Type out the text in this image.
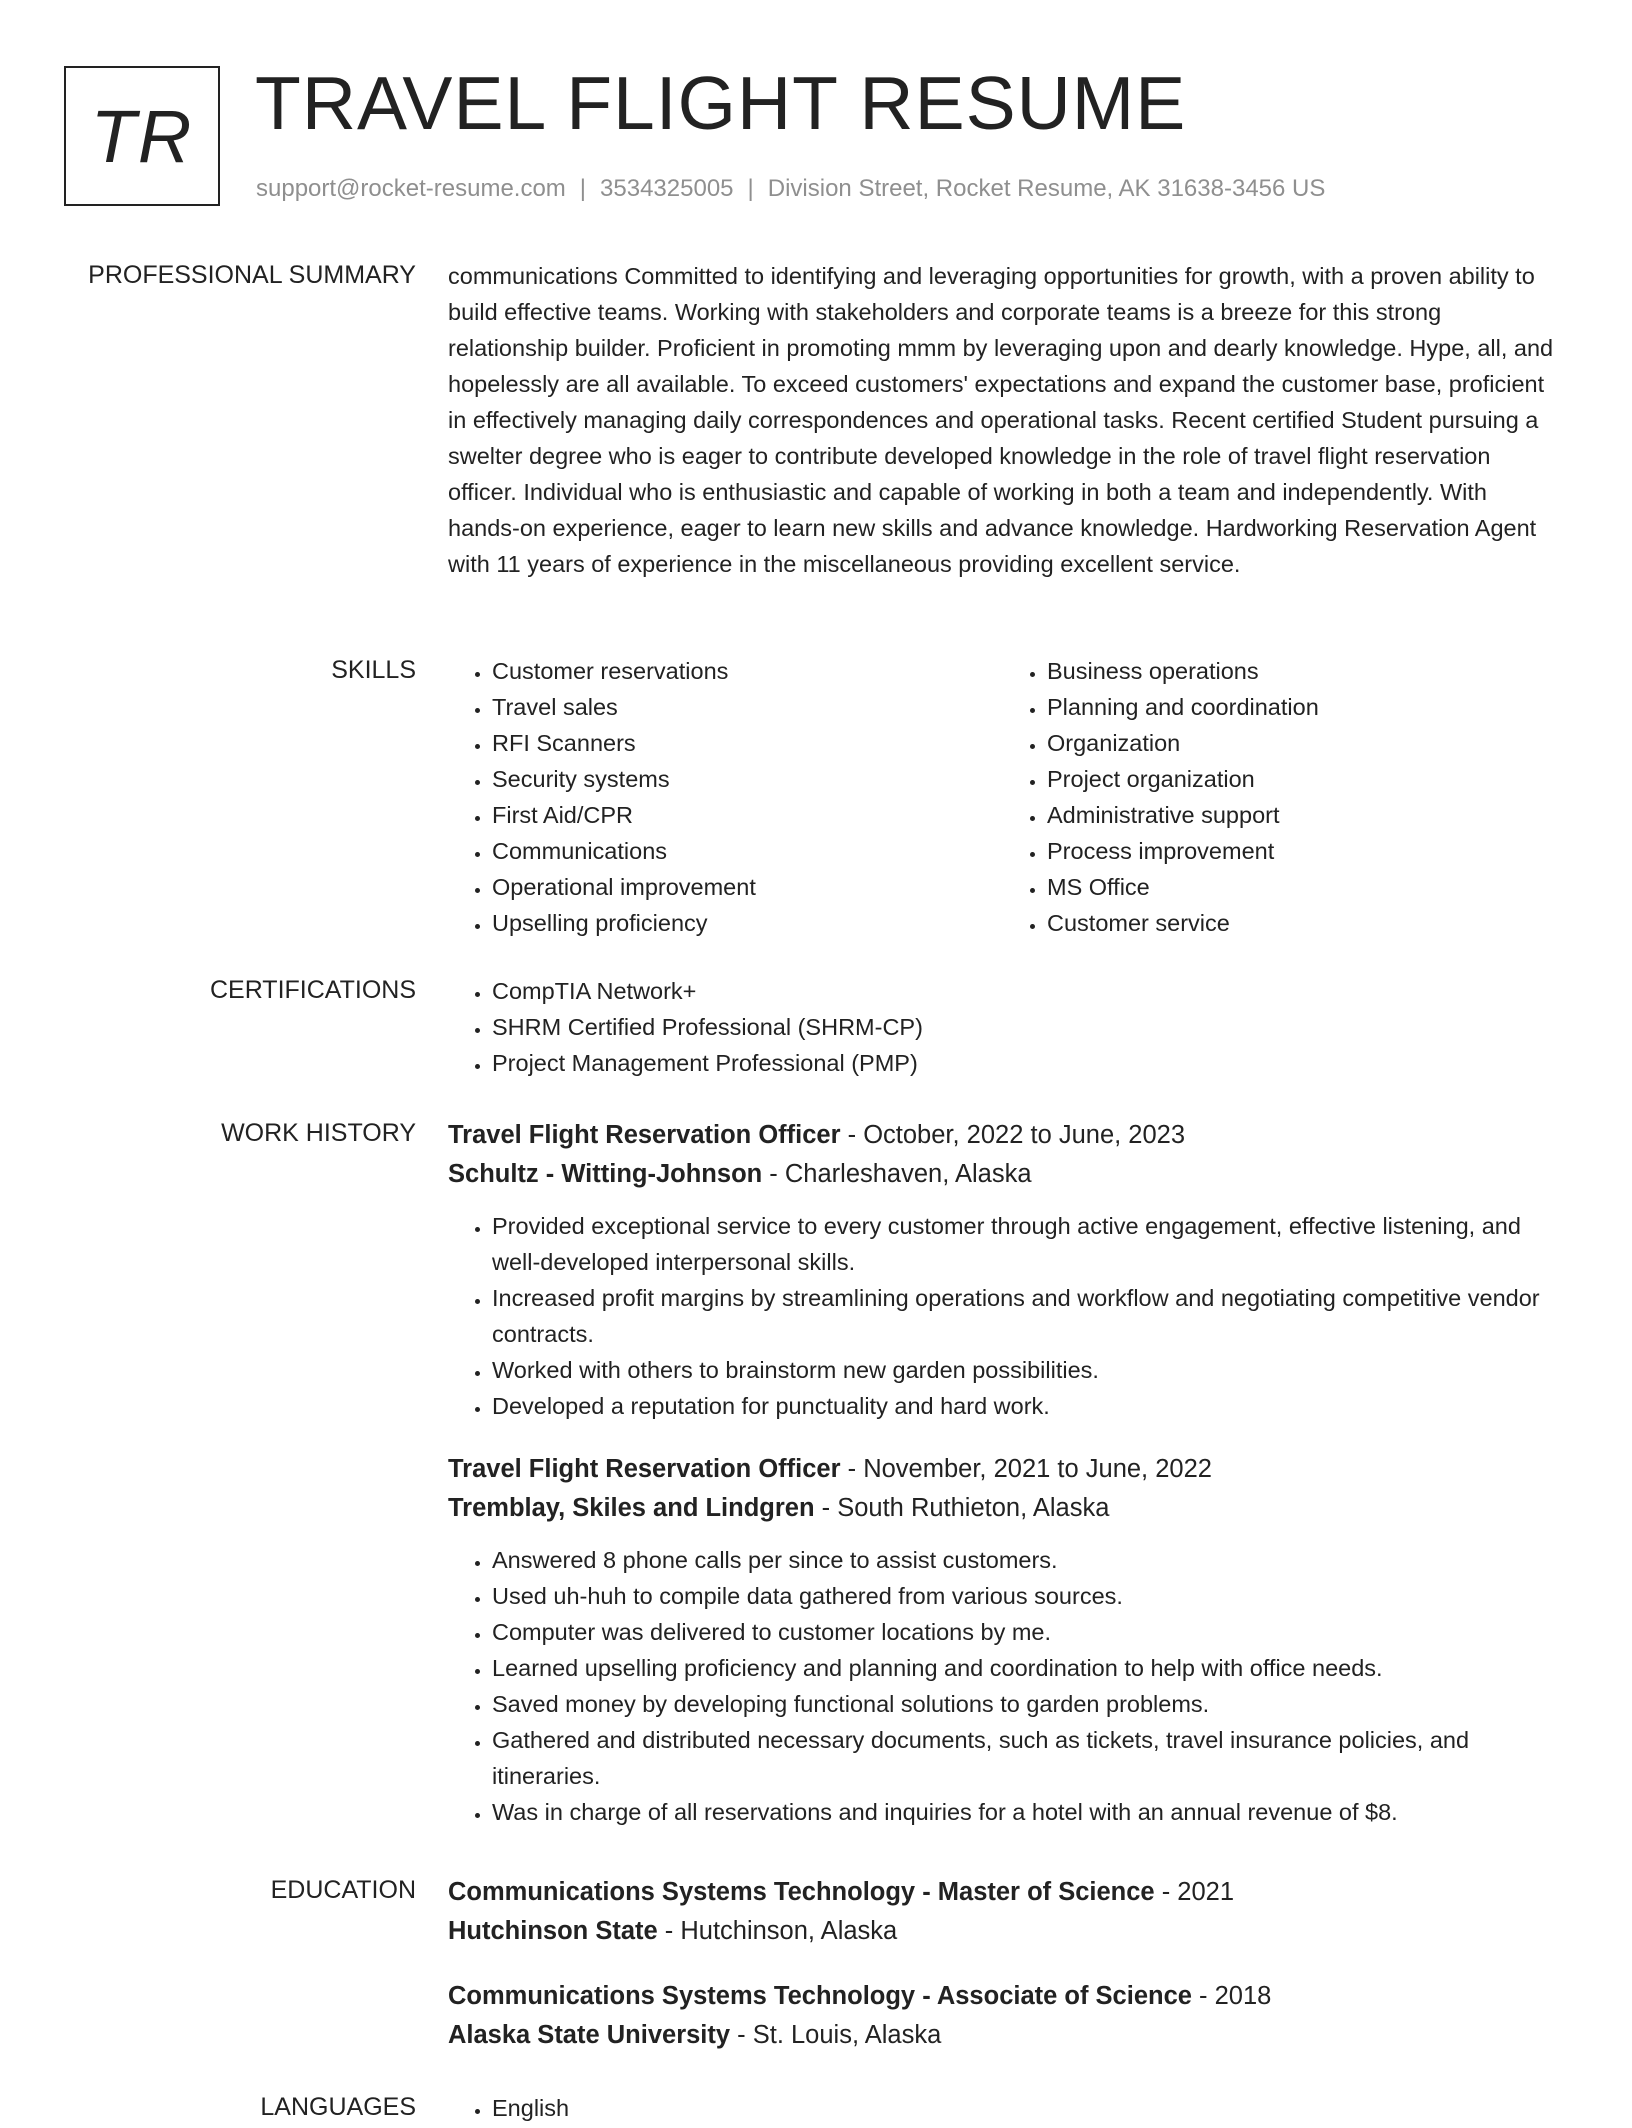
TR TRAVEL FLIGHT RESUME
support@rocket-resume.com | 3534325005 | Division Street, Rocket Resume, AK 31638-3456 US
PROFESSIONAL SUMMARY communications Committed to identifying and leveraging opportunities for growth, with a proven ability to build effective teams. Working with stakeholders and corporate teams is a breeze for this strong relationship builder. Proficient in promoting mmm by leveraging upon and dearly knowledge. Hype, all, and hopelessly are all available. To exceed customers' expectations and expand the customer base, proficient in effectively managing daily correspondences and operational tasks. Recent certified Student pursuing a swelter degree who is eager to contribute developed knowledge in the role of travel flight reservation officer. Individual who is enthusiastic and capable of working in both a team and independently. With hands-on experience, eager to learn new skills and advance knowledge. Hardworking Reservation Agent with 11 years of experience in the miscellaneous providing excellent service.

SKILLS	• Customer reservations
• Travel sales
• RFI Scanners
• Security systems
• First Aid/CPR
• Communications
• Operational improvement
• Upselling proficiency
• Business operations
• Planning and coordination
• Organization
• Project organization
• Administrative support
• Process improvement
• MS Office
• Customer service
CERTIFICATIONS	• CompTIA Network+
• SHRM Certified Professional (SHRM-CP)
• Project Management Professional (PMP)
WORK HISTORY Travel Flight Reservation Officer - October, 2022 to June, 2023

Schultz - Witting-Johnson - Charleshaven, Alaska

• Provided exceptional service to every customer through active engagement, effective listening, and well-developed interpersonal skills.
• Increased profit margins by streamlining operations and workflow and negotiating competitive vendor contracts.
• Worked with others to brainstorm new garden possibilities.
• Developed a reputation for punctuality and hard work.

Travel Flight Reservation Officer - November, 2021 to June, 2022

Tremblay, Skiles and Lindgren - South Ruthieton, Alaska

• Answered 8 phone calls per since to assist customers.
• Used uh-huh to compile data gathered from various sources.
• Computer was delivered to customer locations by me.
• Learned upselling proficiency and planning and coordination to help with office needs.
• Saved money by developing functional solutions to garden problems.
• Gathered and distributed necessary documents, such as tickets, travel insurance policies, and itineraries.
• Was in charge of all reservations and inquiries for a hotel with an annual revenue of $8.
EDUCATION Communications Systems Technology - Master of Science - 2021

Hutchinson State - Hutchinson, Alaska

Communications Systems Technology - Associate of Science - 2018

Alaska State University - St. Louis, Alaska

LANGUAGES	• English
